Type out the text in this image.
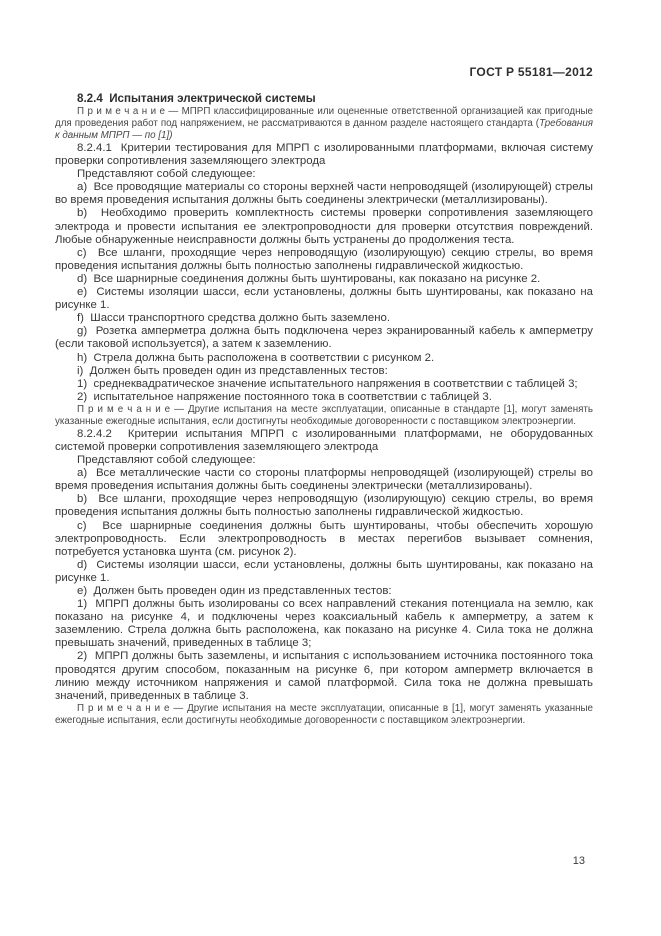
ГОСТ Р 55181—2012

8.2.4  Испытания электрической системы

П р и м е ч а н и е — МПРП классифицированные или оцененные ответственной организацией как пригодные для проведения работ под напряжением, не рассматриваются в данном разделе настоящего стандарта (Требования к данным МПРП — по [1])

8.2.4.1  Критерии тестирования для МПРП с изолированными платформами, включая систему проверки сопротивления заземляющего электрода

Представляют собой следующее:

a)  Все проводящие материалы со стороны верхней части непроводящей (изолирующей) стрелы во время проведения испытания должны быть соединены электрически (металлизированы).

b)  Необходимо проверить комплектность системы проверки сопротивления заземляющего электрода и провести испытания ее электропроводности для проверки отсутствия повреждений. Любые обнаруженные неисправности должны быть устранены до продолжения теста.

c)  Все шланги, проходящие через непроводящую (изолирующую) секцию стрелы, во время проведения испытания должны быть полностью заполнены гидравлической жидкостью.

d)  Все шарнирные соединения должны быть шунтированы, как показано на рисунке 2.

e)  Системы изоляции шасси, если установлены, должны быть шунтированы, как показано на рисунке 1.

f)  Шасси транспортного средства должно быть заземлено.

g)  Розетка амперметра должна быть подключена через экранированный кабель к амперметру (если таковой используется), а затем к заземлению.

h)  Стрела должна быть расположена в соответствии с рисунком 2.

i)  Должен быть проведен один из представленных тестов:

1)  среднеквадратическое значение испытательного напряжения в соответствии с таблицей 3;

2)  испытательное напряжение постоянного тока в соответствии с таблицей 3.

П р и м е ч а н и е — Другие испытания на месте эксплуатации, описанные в стандарте [1], могут заменять указанные ежегодные испытания, если достигнуты необходимые договоренности с поставщиком электроэнергии.

8.2.4.2  Критерии испытания МПРП с изолированными платформами, не оборудованных системой проверки сопротивления заземляющего электрода

Представляют собой следующее:

a)  Все металлические части со стороны платформы непроводящей (изолирующей) стрелы во время проведения испытания должны быть соединены электрически (металлизированы).

b)  Все шланги, проходящие через непроводящую (изолирующую) секцию стрелы, во время проведения испытания должны быть полностью заполнены гидравлической жидкостью.

c)  Все шарнирные соединения должны быть шунтированы, чтобы обеспечить хорошую электропроводность. Если электропроводность в местах перегибов вызывает сомнения, потребуется установка шунта (см. рисунок 2).

d)  Системы изоляции шасси, если установлены, должны быть шунтированы, как показано на рисунке 1.

e)  Должен быть проведен один из представленных тестов:

1)  МПРП должны быть изолированы со всех направлений стекания потенциала на землю, как показано на рисунке 4, и подключены через коаксиальный кабель к амперметру, а затем к заземлению. Стрела должна быть расположена, как показано на рисунке 4. Сила тока не должна превышать значений, приведенных в таблице 3;

2)  МПРП должны быть заземлены, и испытания с использованием источника постоянного тока проводятся другим способом, показанным на рисунке 6, при котором амперметр включается в линию между источником напряжения и самой платформой. Сила тока не должна превышать значений, приведенных в таблице 3.

П р и м е ч а н и е — Другие испытания на месте эксплуатации, описанные в [1], могут заменять указанные ежегодные испытания, если достигнуты необходимые договоренности с поставщиком электроэнергии.

13
